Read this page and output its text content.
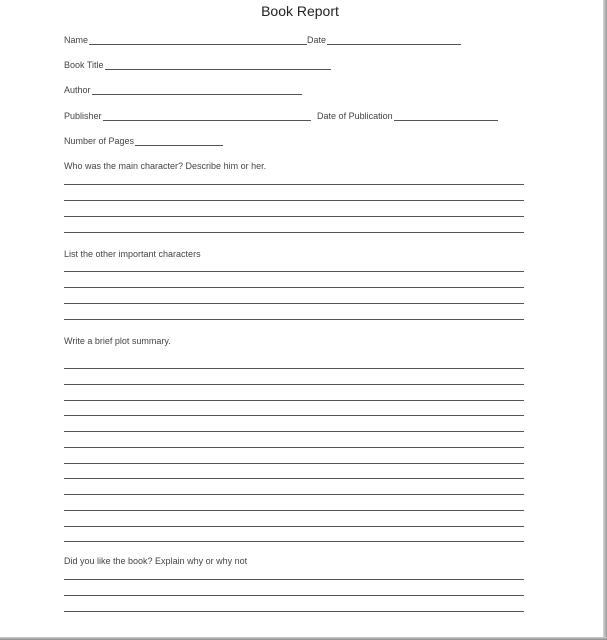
Book Report
Name	Date
Book Title
Author
Publisher	Date of Publication
Number of Pages
Who was the main character? Describe him or her.
List the other important characters
Write a brief plot summary.
Did you like the book? Explain why or why not
